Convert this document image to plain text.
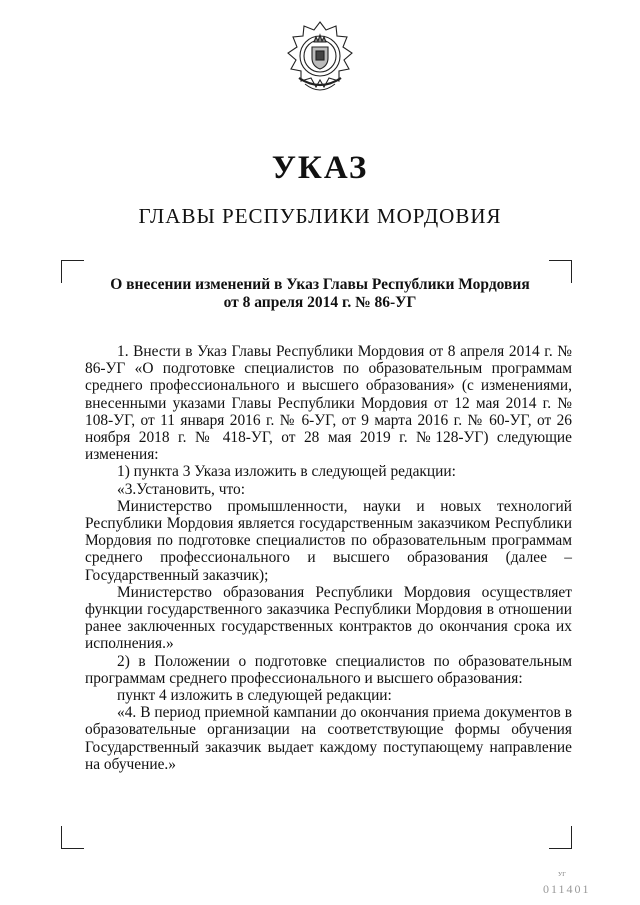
УКАЗ
ГЛАВЫ РЕСПУБЛИКИ МОРДОВИЯ
О внесении изменений в Указ Главы Республики Мордовия
от 8 апреля 2014 г. № 86-УГ

1. Внести в Указ Главы Республики Мордовия от 8 апреля 2014 г. № 86-УГ «О подготовке специалистов по образовательным программам среднего профессионального и высшего образования» (с изменениями, внесенными указами Главы Республики Мордовия от 12 мая 2014 г. № 108-УГ, от 11 января 2016 г. № 6-УГ, от 9 марта 2016 г. № 60-УГ, от 26 ноября 2018 г. № 418-УГ, от 28 мая 2019 г. №128-УГ) следующие изменения:

1) пункта 3 Указа изложить в следующей редакции:

«3.Установить, что:

Министерство промышленности, науки и новых технологий Республики Мордовия является государственным заказчиком Республики Мордовия по подготовке специалистов по образовательным программам среднего профессионального и высшего образования (далее – Государственный заказчик);

Министерство образования Республики Мордовия осуществляет функции государственного заказчика Республики Мордовия в отношении ранее заключенных государственных контрактов до окончания срока их исполнения.»

2) в Положении о подготовке специалистов по образовательным программам среднего профессионального и высшего образования:

пункт 4 изложить в следующей редакции:

«4. В период приемной кампании до окончания приема документов в образовательные организации на соответствующие формы обучения Государственный заказчик выдает каждому поступающему направление на обучение.»

УГ
011401
